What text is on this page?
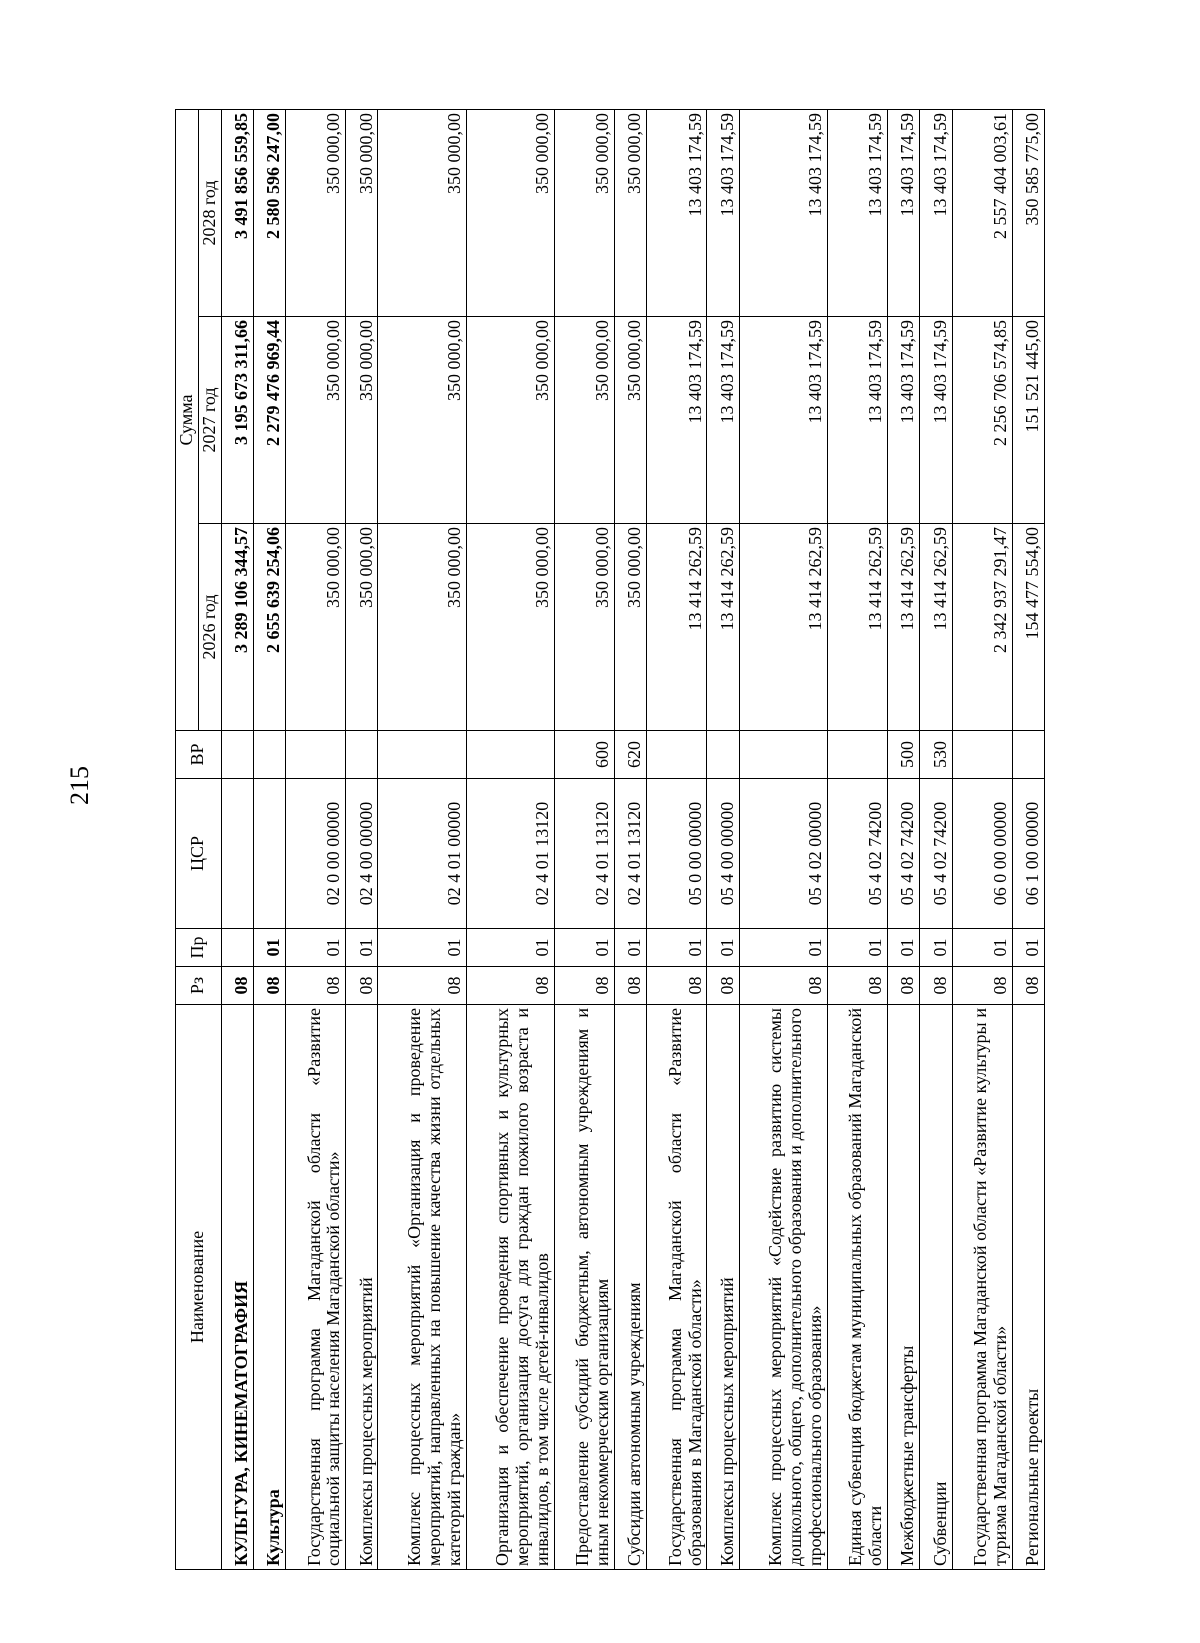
215
Наименование	Рз	Пр	ЦСР	ВР	Сумма		
					2026 год	2027 год	2028 год
КУЛЬТУРА, КИНЕМАТОГРАФИЯ	08				3 289 106 344,57	3 195 673 311,66	3 491 856 559,85
Культура	08	01			2 655 639 254,06	2 279 476 969,44	2 580 596 247,00
Государственная программа Магаданской области «Развитие социальной защиты населения Магаданской области»	08	01	02 0 00 00000		350 000,00	350 000,00	350 000,00
Комплексы процессных мероприятий	08	01	02 4 00 00000		350 000,00	350 000,00	350 000,00
Комплекс процессных мероприятий «Организация и проведение мероприятий, направленных на повышение качества жизни отдельных категорий граждан»	08	01	02 4 01 00000		350 000,00	350 000,00	350 000,00
Организация и обеспечение проведения спортивных и культурных мероприятий, организация досуга для граждан пожилого возраста и инвалидов, в том числе детей-инвалидов	08	01	02 4 01 13120		350 000,00	350 000,00	350 000,00
Предоставление субсидий бюджетным, автономным учреждениям и иным некоммерческим организациям	08	01	02 4 01 13120	600	350 000,00	350 000,00	350 000,00
Субсидии автономным учреждениям	08	01	02 4 01 13120	620	350 000,00	350 000,00	350 000,00
Государственная программа Магаданской области «Развитие образования в Магаданской области»	08	01	05 0 00 00000		13 414 262,59	13 403 174,59	13 403 174,59
Комплексы процессных мероприятий	08	01	05 4 00 00000		13 414 262,59	13 403 174,59	13 403 174,59
Комплекс процессных мероприятий «Содействие развитию системы дошкольного, общего, дополнительного образования и дополнительного профессионального образования»	08	01	05 4 02 00000		13 414 262,59	13 403 174,59	13 403 174,59
Единая субвенция бюджетам муниципальных образований Магаданской области	08	01	05 4 02 74200		13 414 262,59	13 403 174,59	13 403 174,59
Межбюджетные трансферты	08	01	05 4 02 74200	500	13 414 262,59	13 403 174,59	13 403 174,59
Субвенции	08	01	05 4 02 74200	530	13 414 262,59	13 403 174,59	13 403 174,59
Государственная программа Магаданской области «Развитие культуры и туризма Магаданской области»	08	01	06 0 00 00000		2 342 937 291,47	2 256 706 574,85	2 557 404 003,61
Региональные проекты	08	01	06 1 00 00000		154 477 554,00	151 521 445,00	350 585 775,00
